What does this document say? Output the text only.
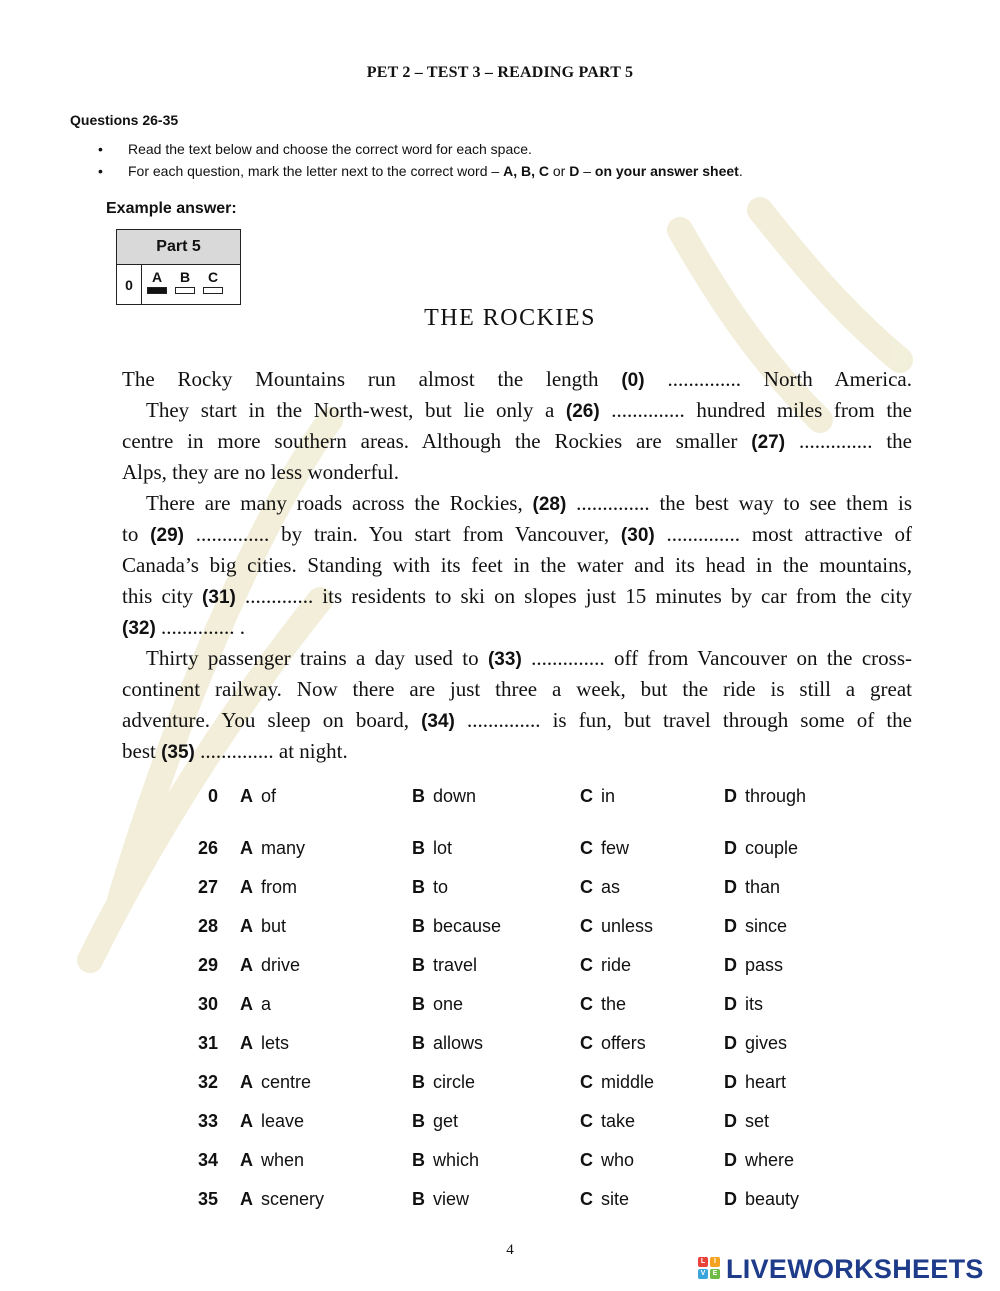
PET 2 – TEST 3 – READING PART 5
Questions 26-35
• Read the text below and choose the correct word for each space.
• For each question, mark the letter next to the correct word – A, B, C or D – on your answer sheet.
Example answer:
Part 5
0	A	B	C
THE ROCKIES
The Rocky Mountains run almost the length (0) .............. North America.
They start in the North-west, but lie only a (26) .............. hundred miles from the
centre in more southern areas. Although the Rockies are smaller (27) .............. the
Alps, they are no less wonderful.
There are many roads across the Rockies, (28) .............. the best way to see them is
to (29) .............. by train. You start from Vancouver, (30) .............. most attractive of
Canada’s big cities. Standing with its feet in the water and its head in the mountains,
this city (31) ............. its residents to ski on slopes just 15 minutes by car from the city
(32) .............. .
Thirty passenger trains a day used to (33) .............. off from Vancouver on the cross-
continent railway. Now there are just three a week, but the ride is still a great
adventure. You sleep on board, (34) .............. is fun, but travel through some of the
best (35) .............. at night.
0 A of	B down	C in	D through
26 A many	B lot	C few	D couple
27 A from	B to	C as	D than
28 A but	B because	C unless	D since
29 A drive	B travel	C ride	D pass
30 A a	B one	C the	D its
31 A lets	B allows	C offers	D gives
32 A centre	B circle	C middle	D heart
33 A leave	B get	C take	D set
34 A when	B which	C who	D where
35 A scenery	B view	C site	D beauty
4
L	I
V	E LIVEWORKSHEETS
